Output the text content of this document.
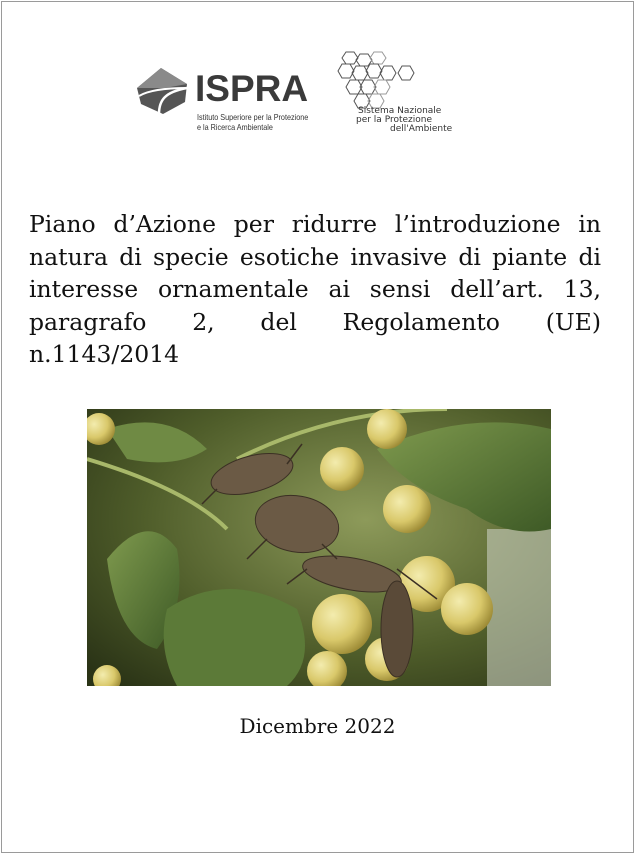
ISPRA
Istituto Superiore per la Protezione
e la Ricerca Ambientale
Sistema Nazionale
per la Protezione
dell'Ambiente
Piano d’Azione per ridurre l’introduzione in natura di specie esotiche invasive di piante di interesse ornamentale ai sensi dell’art. 13, paragrafo 2, del Regolamento (UE) n.1143/2014
Dicembre 2022
